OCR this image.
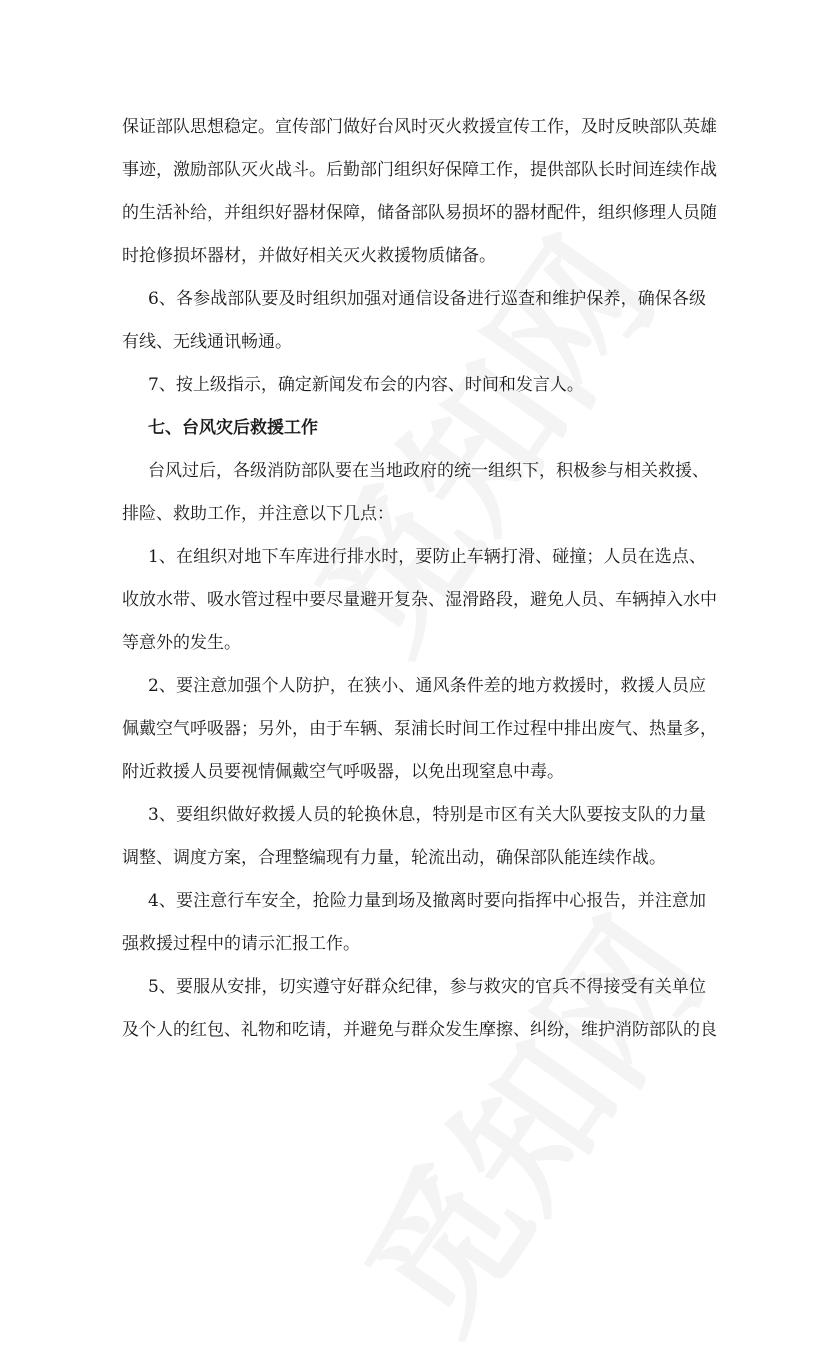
保证部队思想稳定。宣传部门做好台风时灭火救援宣传工作，及时反映部队英雄
事迹，激励部队灭火战斗。后勤部门组织好保障工作，提供部队长时间连续作战
的生活补给，并组织好器材保障，储备部队易损坏的器材配件，组织修理人员随
时抢修损坏器材，并做好相关灭火救援物质储备。
6、各参战部队要及时组织加强对通信设备进行巡查和维护保养，确保各级
有线、无线通讯畅通。
7、按上级指示，确定新闻发布会的内容、时间和发言人。
七、台风灾后救援工作
台风过后，各级消防部队要在当地政府的统一组织下，积极参与相关救援、
排险、救助工作，并注意以下几点：
1、在组织对地下车库进行排水时，要防止车辆打滑、碰撞；人员在选点、
收放水带、吸水管过程中要尽量避开复杂、湿滑路段，避免人员、车辆掉入水中
等意外的发生。
2、要注意加强个人防护，在狭小、通风条件差的地方救援时，救援人员应
佩戴空气呼吸器；另外，由于车辆、泵浦长时间工作过程中排出废气、热量多，
附近救援人员要视情佩戴空气呼吸器，以免出现窒息中毒。
3、要组织做好救援人员的轮换休息，特别是市区有关大队要按支队的力量
调整、调度方案，合理整编现有力量，轮流出动，确保部队能连续作战。
4、要注意行车安全，抢险力量到场及撤离时要向指挥中心报告，并注意加
强救援过程中的请示汇报工作。
5、要服从安排，切实遵守好群众纪律，参与救灾的官兵不得接受有关单位
及个人的红包、礼物和吃请，并避免与群众发生摩擦、纠纷，维护消防部队的良
